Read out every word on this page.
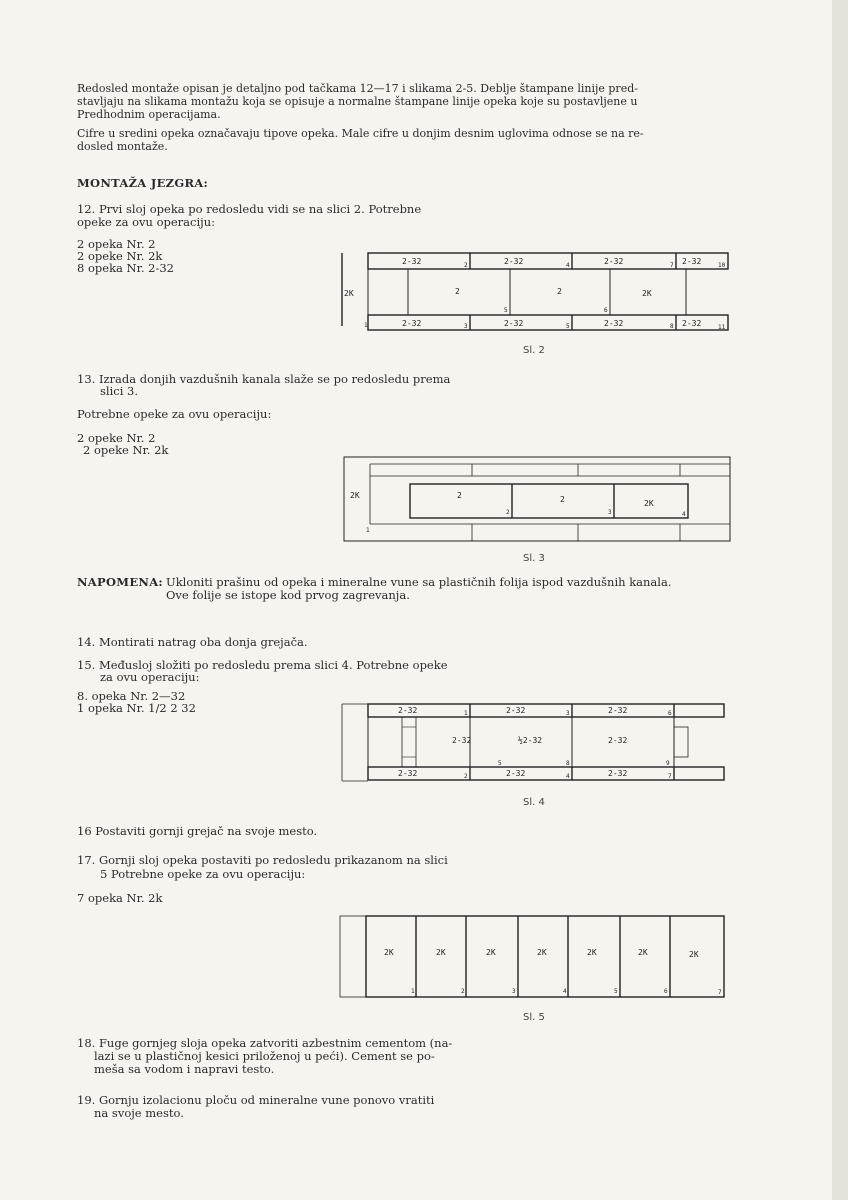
Redosled montaže opisan je detaljno pod tačkama 12—17 i slikama 2-5. Deblje štampane linije pred-
stavljaju na slikama montažu koja se opisuje a normalne štampane linije opeka koje su postavljene u
Predhodnim operacijama.
Cifre u sredini opeka označavaju tipove opeka. Male cifre u donjim desnim uglovima odnose se na re-
dosled montaže.
MONTAŽA JEZGRA:
12. Prvi sloj opeka po redosledu vidi se na slici 2. Potrebne
opeke za ovu operaciju:
2 opeka Nr. 2
2 opeke Nr. 2k
8 opeka Nr. 2-32	2-32	2	2-32	4	2-32	7 2-32	10
2K	2
5
2	2K
6
1	2-32	3	2-32	5	2-32	8 2-32	11
Sl. 2
13. Izrada donjih vazdušnih kanala slaže se po redosledu prema
slici 3.
Potrebne opeke za ovu operaciju:
2 opeke Nr. 2
2 opeke Nr. 2k
2K
1
2
2
2
3
2K
4
Sl. 3
NAPOMENA: Ukloniti prašinu od opeka i mineralne vune sa plastičnih folija ispod vazdušnih kanala.
Ove folije se istope kod prvog zagrevanja.
14. Montirati natrag oba donja grejača.
15. Međusloj složiti po redosledu prema slici 4. Potrebne opeke
za ovu operaciju:
8. opeka Nr. 2—32
1 opeka Nr. 1/2 2 32	2-32	1	2-32	3	2-32	6
2-32
5
½2-32
8
2-32
9
2-32	2	2-32	4	2-32	7
Sl. 4
16 Postaviti gornji grejač na svoje mesto.
17. Gornji sloj opeka postaviti po redosledu prikazanom na slici
5 Potrebne opeke za ovu operaciju:
7 opeka Nr. 2k
2K
1
2K
2
2K
3
2K
4
2K
5
2K
6
2K
7
Sl. 5
18. Fuge gornjeg sloja opeka zatvoriti azbestnim cementom (na-
lazi se u plastičnoj kesici priloženoj u peći). Cement se po-
meša sa vodom i napravi testo.
19. Gornju izolacionu ploču od mineralne vune ponovo vratiti
na svoje mesto.
